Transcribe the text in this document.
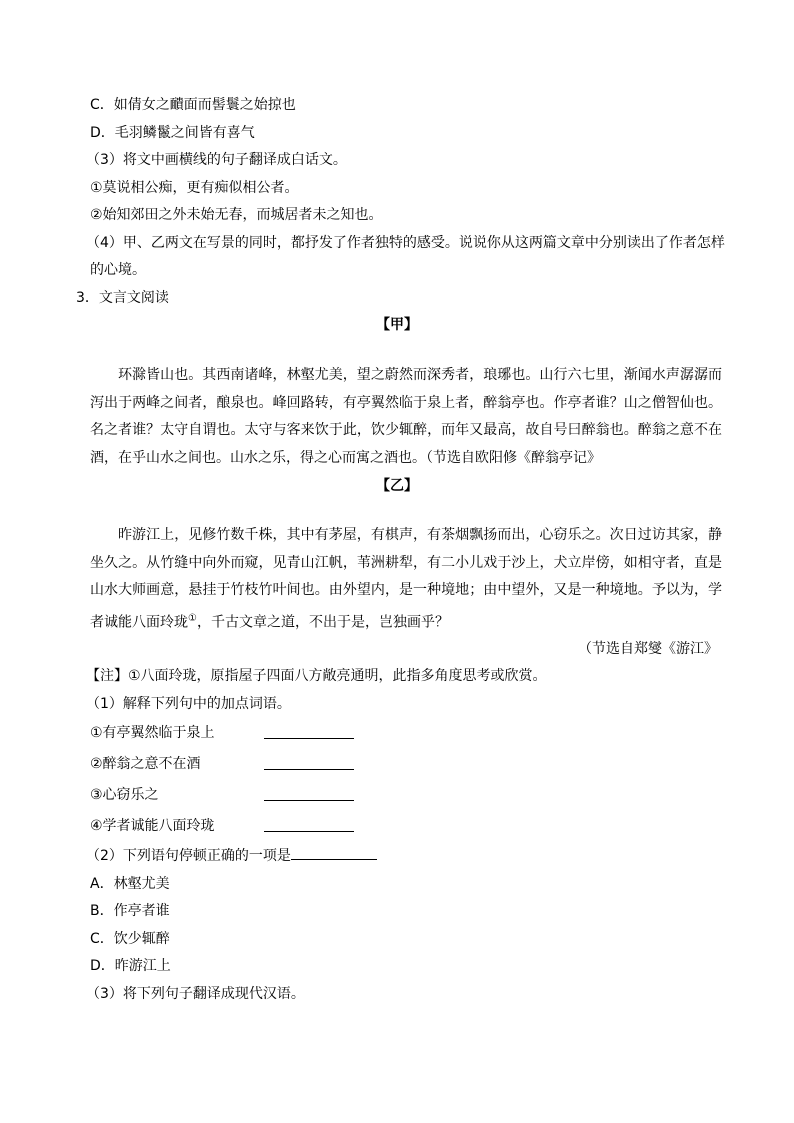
C．如倩女之靧面而髻鬟之始掠也
D．毛羽鳞鬣之间皆有喜气
（3）将文中画横线的句子翻译成白话文。
①莫说相公痴，更有痴似相公者。
②始知郊田之外未始无春，而城居者未之知也。
（4）甲、乙两文在写景的同时，都抒发了作者独特的感受。说说你从这两篇文章中分别读出了作者怎样
的心境。
3．文言文阅读
【甲】
环滁皆山也。其西南诸峰，林壑尤美，望之蔚然而深秀者，琅琊也。山行六七里，渐闻水声潺潺而泻出于两峰之间者，酿泉也。峰回路转，有亭翼然临于泉上者，醉翁亭也。作亭者谁？山之僧智仙也。名之者谁？太守自谓也。太守与客来饮于此，饮少辄醉，而年又最高，故自号曰醉翁也。醉翁之意不在酒，在乎山水之间也。山水之乐，得之心而寓之酒也。（节选自欧阳修《醉翁亭记》
【乙】
昨游江上，见修竹数千株，其中有茅屋，有棋声，有茶烟飘扬而出，心窃乐之。次日过访其家，静坐久之。从竹缝中向外而窥，见青山江帆，苇洲耕犁，有二小儿戏于沙上，犬立岸傍，如相守者，直是山水大师画意，悬挂于竹枝竹叶间也。由外望内，是一种境地；由中望外，又是一种境地。予以为，学者诚能八面玲珑①，千古文章之道，不出于是，岂独画乎？
（节选自郑燮《游江》
【注】①八面玲珑，原指屋子四面八方敞亮通明，此指多角度思考或欣赏。
（1）解释下列句中的加点词语。
①有亭翼然临于泉上
②醉翁之意不在酒
③心窃乐之
④学者诚能八面玲珑
（2）下列语句停顿正确的一项是
A．林壑尤美
B．作亭者谁
C．饮少辄醉
D．昨游江上
（3）将下列句子翻译成现代汉语。
